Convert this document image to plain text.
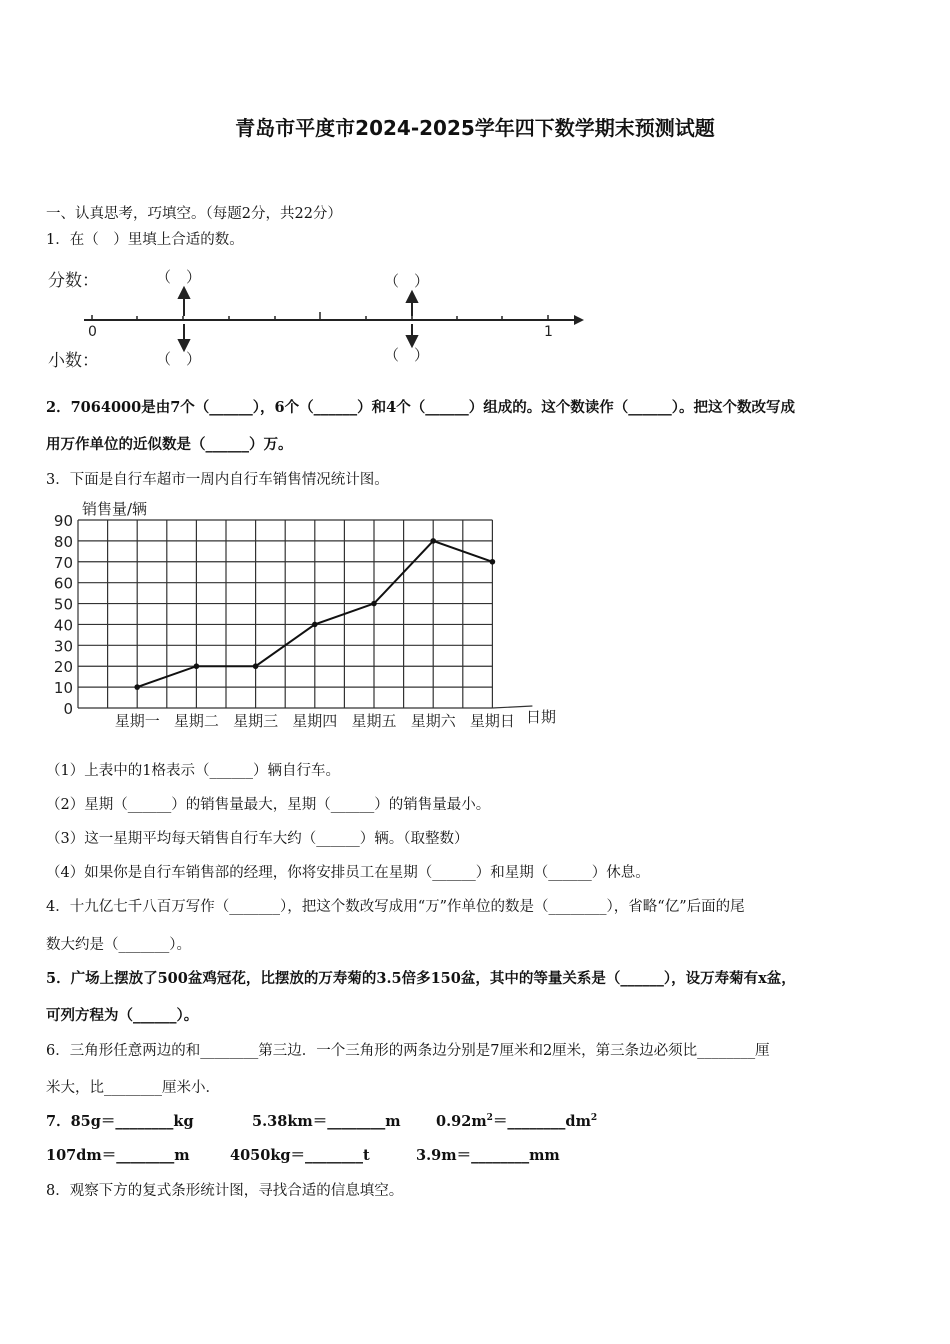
青岛市平度市2024-2025学年四下数学期末预测试题
一、认真思考，巧填空。（每题2分，共22分）
1．在（　）里填上合适的数。
分数：
小数：
（　）	（　）
（　）	（　）
0	1
2．7064000是由7个（______），6个（______）和4个（______）组成的。这个数读作（______）。把这个数改写成
用万作单位的近似数是（______）万。
3．下面是自行车超市一周内自行车销售情况统计图。
销售量/辆
0
10
20
30
40
50
60
70
80
90
星期一 星期二 星期三 星期四 星期五 星期六 星期日 日期
（1）上表中的1格表示（______）辆自行车。
（2）星期（______）的销售量最大，星期（______）的销售量最小。
（3）这一星期平均每天销售自行车大约（______）辆。（取整数）
（4）如果你是自行车销售部的经理，你将安排员工在星期（______）和星期（______）休息。
4．十九亿七千八百万写作（_______），把这个数改写成用“万”作单位的数是（________），省略“亿”后面的尾
数大约是（_______）。
5．广场上摆放了500盆鸡冠花，比摆放的万寿菊的3.5倍多150盆，其中的等量关系是（______），设万寿菊有x盆，
可列方程为（______）。
6．三角形任意两边的和________第三边．一个三角形的两条边分别是7厘米和2厘米，第三条边必须比________厘
米大，比________厘米小．
7．85g＝________kg	5.38km＝________m $0.92m^2=\_\_\_\_\_\_\_\_dm^2$
107dm＝________m	4050kg＝________t	3.9m＝________mm
8．观察下方的复式条形统计图，寻找合适的信息填空。
